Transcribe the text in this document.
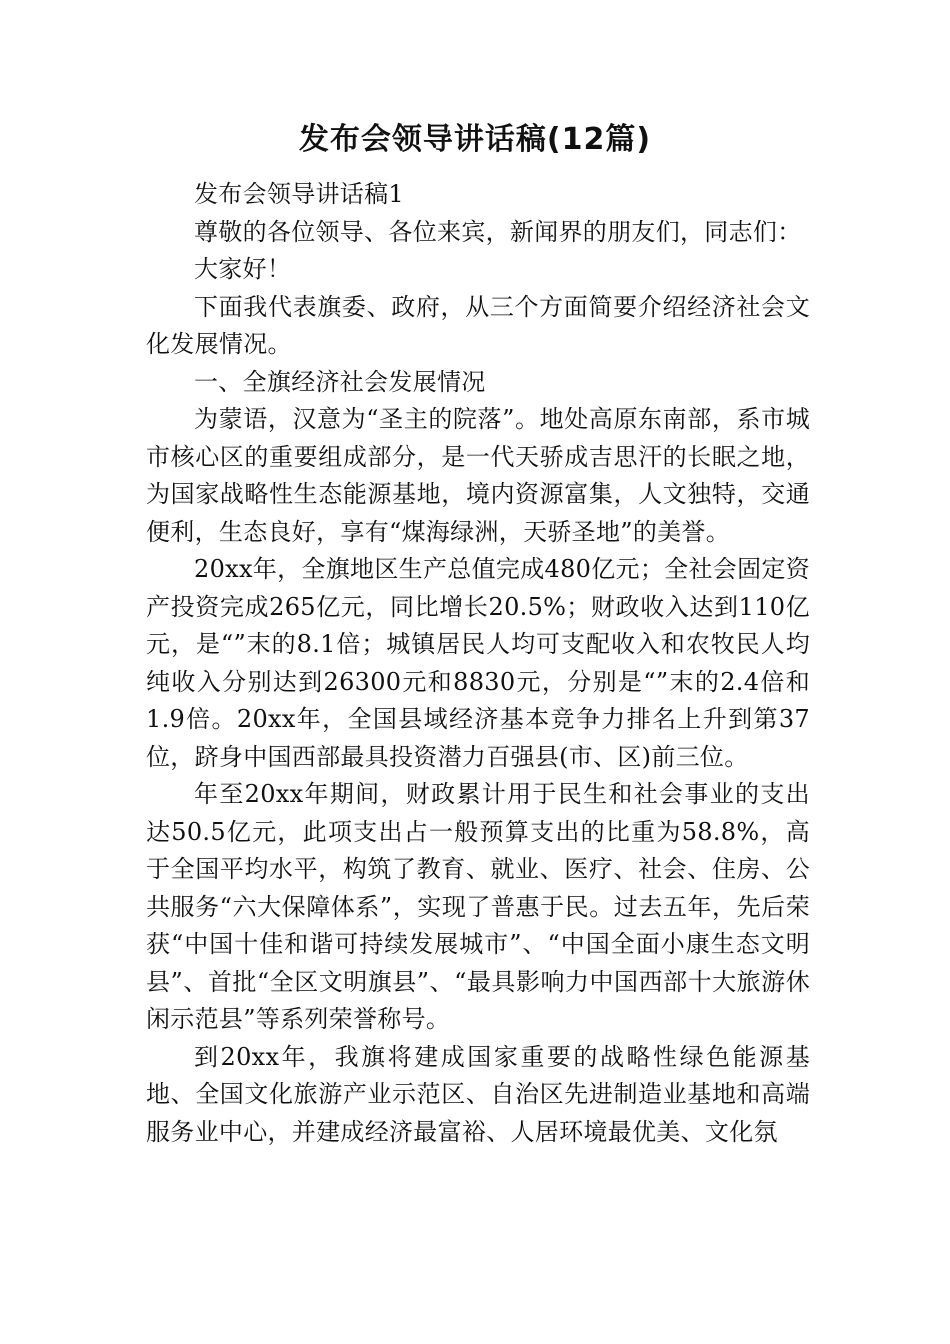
发布会领导讲话稿(12篇)

发布会领导讲话稿1

尊敬的各位领导、各位来宾，新闻界的朋友们，同志们：

大家好！

下面我代表旗委、政府，从三个方面简要介绍经济社会文化发展情况。

一、全旗经济社会发展情况

为蒙语，汉意为“圣主的院落”。地处高原东南部，系市城市核心区的重要组成部分，是一代天骄成吉思汗的长眠之地，为国家战略性生态能源基地，境内资源富集，人文独特，交通便利，生态良好，享有“煤海绿洲，天骄圣地”的美誉。

20xx年，全旗地区生产总值完成480亿元；全社会固定资产投资完成265亿元，同比增长20.5%；财政收入达到110亿元，是“”末的8.1倍；城镇居民人均可支配收入和农牧民人均纯收入分别达到26300元和8830元，分别是“”末的2.4倍和1.9倍。20xx年，全国县域经济基本竞争力排名上升到第37位，跻身中国西部最具投资潜力百强县(市、区)前三位。

年至20xx年期间，财政累计用于民生和社会事业的支出达50.5亿元，此项支出占一般预算支出的比重为58.8%，高于全国平均水平，构筑了教育、就业、医疗、社会、住房、公共服务“六大保障体系”，实现了普惠于民。过去五年，先后荣获“中国十佳和谐可持续发展城市”、“中国全面小康生态文明县”、首批“全区文明旗县”、“最具影响力中国西部十大旅游休闲示范县”等系列荣誉称号。

到20xx年，我旗将建成国家重要的战略性绿色能源基地、全国文化旅游产业示范区、自治区先进制造业基地和高端服务业中心，并建成经济最富裕、人居环境最优美、文化氛
